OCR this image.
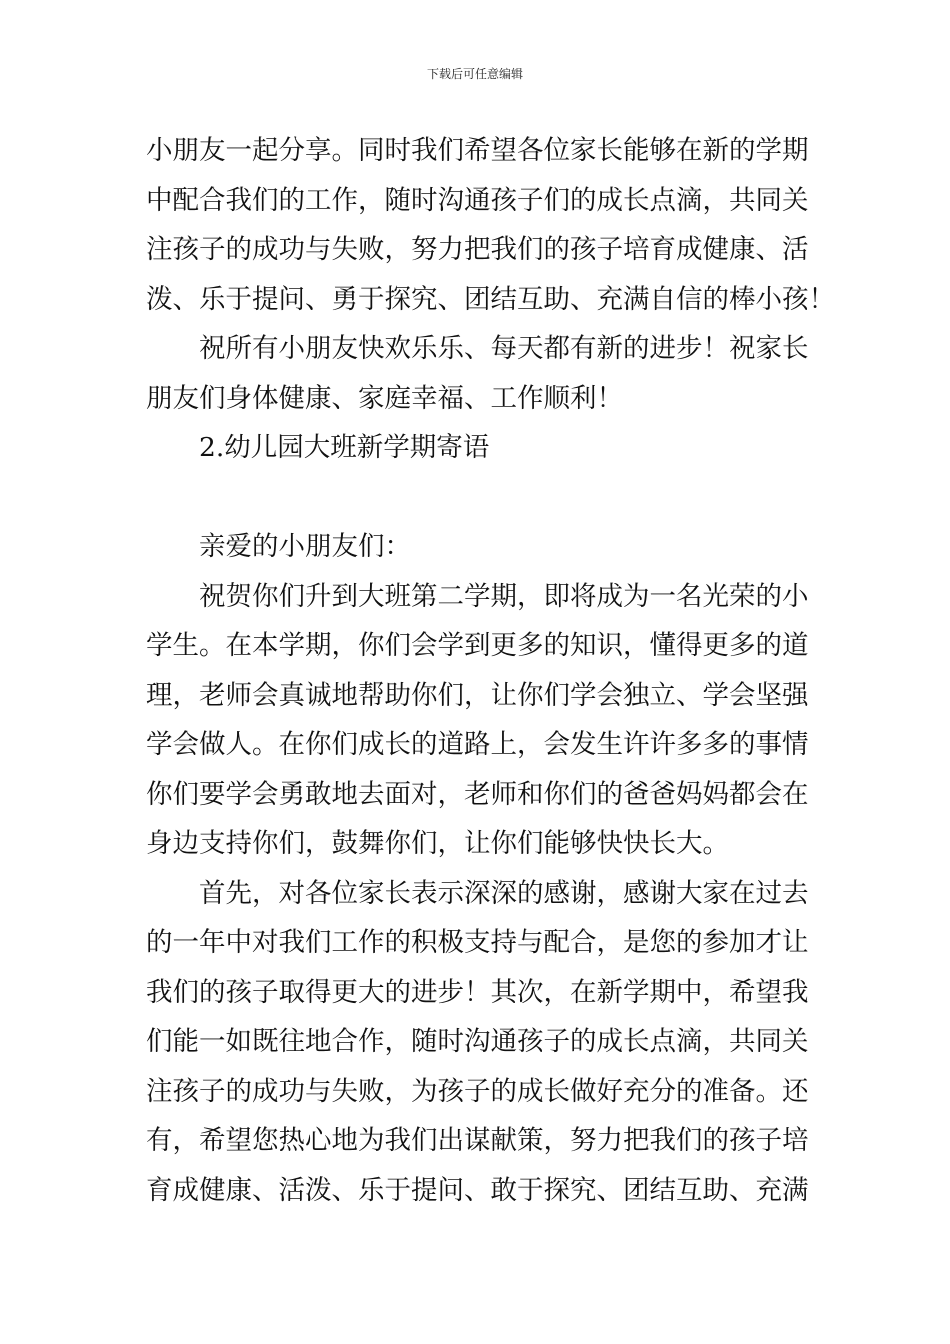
下载后可任意编辑
小朋友一起分享。同时我们希望各位家长能够在新的学期
中配合我们的工作，随时沟通孩子们的成长点滴，共同关
注孩子的成功与失败，努力把我们的孩子培育成健康、活
泼、乐于提问、勇于探究、团结互助、充满自信的棒小孩！
祝所有小朋友快欢乐乐、每天都有新的进步！祝家长
朋友们身体健康、家庭幸福、工作顺利！
2.幼儿园大班新学期寄语
亲爱的小朋友们：
祝贺你们升到大班第二学期，即将成为一名光荣的小
学生。在本学期，你们会学到更多的知识，懂得更多的道
理，老师会真诚地帮助你们，让你们学会独立、学会坚强
学会做人。在你们成长的道路上，会发生许许多多的事情
你们要学会勇敢地去面对，老师和你们的爸爸妈妈都会在
身边支持你们，鼓舞你们，让你们能够快快长大。
首先，对各位家长表示深深的感谢，感谢大家在过去
的一年中对我们工作的积极支持与配合，是您的参加才让
我们的孩子取得更大的进步！其次，在新学期中，希望我
们能一如既往地合作，随时沟通孩子的成长点滴，共同关
注孩子的成功与失败，为孩子的成长做好充分的准备。还
有，希望您热心地为我们出谋献策，努力把我们的孩子培
育成健康、活泼、乐于提问、敢于探究、团结互助、充满
